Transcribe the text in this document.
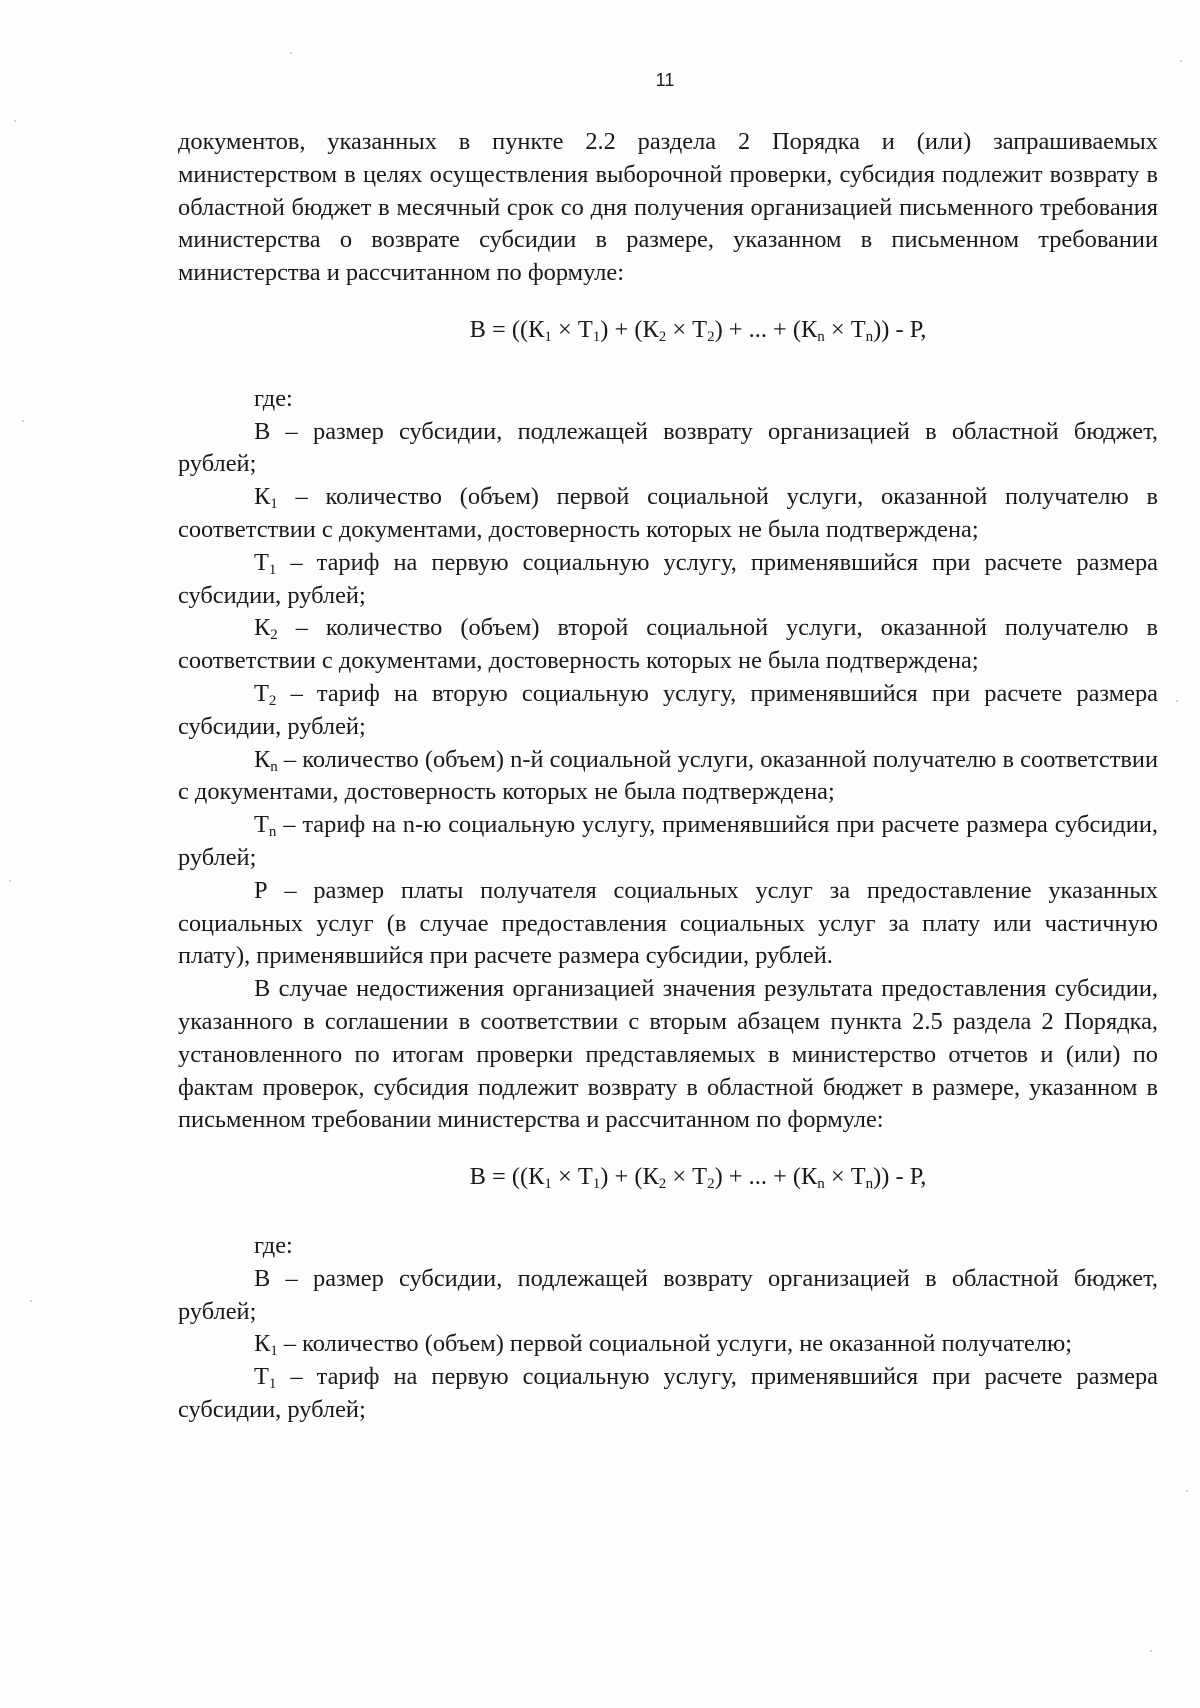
11

документов, указанных в пункте 2.2 раздела 2 Порядка и (или) запрашиваемых министерством в целях осуществления выборочной проверки, субсидия подлежит возврату в областной бюджет в месячный срок со дня получения организацией письменного требования министерства о возврате субсидии в размере, указанном в письменном требовании министерства и рассчитанном по формуле:

$В = ((К_1 \times Т_1) + (К_2 \times Т_2)$ + ... + $(К_n \times Т_n)) - Р$,

где:

В – размер субсидии, подлежащей возврату организацией в областной бюджет, рублей;

$К_1$ – количество (объем) первой социальной услуги, оказанной получателю в соответствии с документами, достоверность которых не была подтверждена;

$Т_1$ – тариф на первую социальную услугу, применявшийся при расчете размера субсидии, рублей;

$К_2$ – количество (объем) второй социальной услуги, оказанной получателю в соответствии с документами, достоверность которых не была подтверждена;

$Т_2$ – тариф на вторую социальную услугу, применявшийся при расчете размера субсидии, рублей;

$К_n$ – количество (объем) n-й социальной услуги, оказанной получателю в соответствии с документами, достоверность которых не была подтверждена;

$Т_n$ – тариф на n-ю социальную услугу, применявшийся при расчете размера субсидии, рублей;

Р – размер платы получателя социальных услуг за предоставление указанных социальных услуг (в случае предоставления социальных услуг за плату или частичную плату), применявшийся при расчете размера субсидии, рублей.

В случае недостижения организацией значения результата предоставления субсидии, указанного в соглашении в соответствии с вторым абзацем пункта 2.5 раздела 2 Порядка, установленного по итогам проверки представляемых в министерство отчетов и (или) по фактам проверок, субсидия подлежит возврату в областной бюджет в размере, указанном в письменном требовании министерства и рассчитанном по формуле:

$В = ((К_1 \times Т_1) + (К_2 \times Т_2)$ + ... + $(К_n \times Т_n)) - Р$,

где:

В – размер субсидии, подлежащей возврату организацией в областной бюджет, рублей;

$К_1$ – количество (объем) первой социальной услуги, не оказанной получателю;

$Т_1$ – тариф на первую социальную услугу, применявшийся при расчете размера субсидии, рублей;
